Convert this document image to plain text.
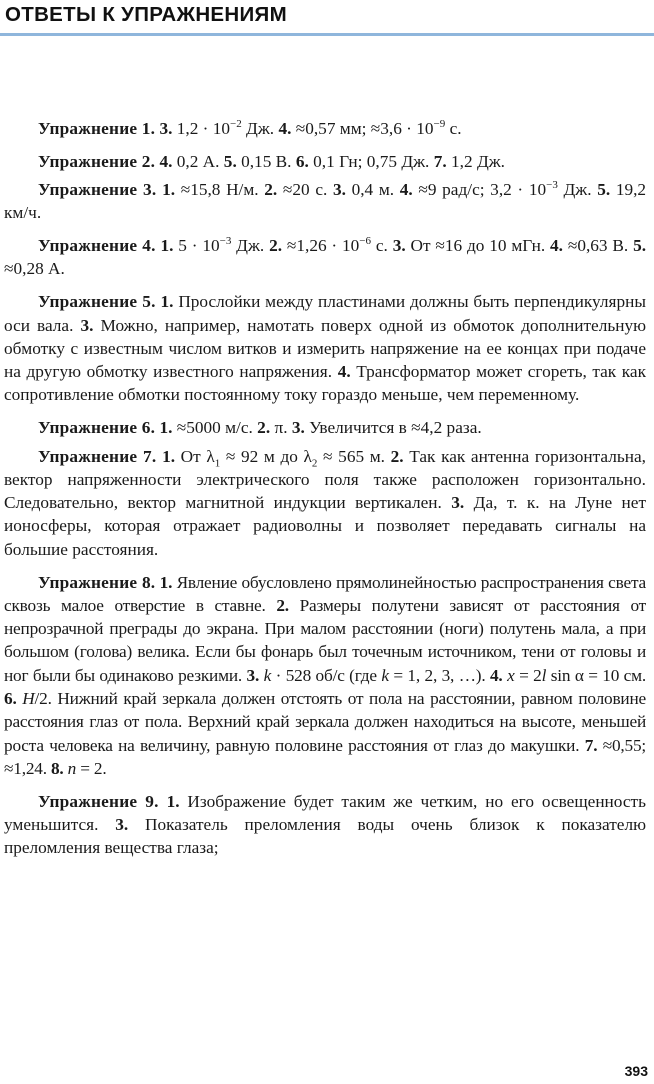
ОТВЕТЫ К УПРАЖНЕНИЯМ

Упражнение 1. 3. $1,2 \cdot 10^{-2}$ Дж. 4. ≈0,57 мм; $\approx 3,6 \cdot 10^{-9}$ с.

Упражнение 2. 4. 0,2 А. 5. 0,15 В. 6. 0,1 Гн; 0,75 Дж. 7. 1,2 Дж.

Упражнение 3. 1. ≈15,8 Н/м. 2. ≈20 с. 3. 0,4 м. 4. ≈9 рад/с; $3,2 \cdot 10^{-3}$ Дж. 5. 19,2 км/ч.

Упражнение 4. 1. $5 \cdot 10^{-3}$ Дж. 2. $\approx 1,26 \cdot 10^{-6}$ с. 3. От ≈16 до 10 мГн. 4. ≈0,63 В. 5. ≈0,28 А.

Упражнение 5. 1. Прослойки между пластинами должны быть перпендикулярны оси вала. 3. Можно, например, намотать поверх одной из обмоток дополнительную обмотку с известным числом витков и измерить напряжение на ее концах при подаче на другую обмотку известного напряжения. 4. Трансформатор может сгореть, так как сопротивление обмотки постоянному току гораздо меньше, чем переменному.

Упражнение 6. 1. ≈5000 м/с. 2. π. 3. Увеличится в ≈4,2 раза.

Упражнение 7. 1. От $\lambda_1 \approx 92$ м до $\lambda_2 \approx 565$ м. 2. Так как антенна горизонтальна, вектор напряженности электрического поля также расположен горизонтально. Следовательно, вектор магнитной индукции вертикален. 3. Да, т. к. на Луне нет ионосферы, которая отражает радиоволны и позволяет передавать сигналы на большие расстояния.

Упражнение 8. 1. Явление обусловлено прямолинейностью распространения света сквозь малое отверстие в ставне. 2. Размеры полутени зависят от расстояния от непрозрачной преграды до экрана. При малом расстоянии (ноги) полутень мала, а при большом (голова) велика. Если бы фонарь был точечным источником, тени от головы и ног были бы одинаково резкими. 3. k · 528 об/с (где k = 1, 2, 3, …). 4. x = 2l sin α = 10 см. 6. H/2. Нижний край зеркала должен отстоять от пола на расстоянии, равном половине расстояния глаз от пола. Верхний край зеркала должен находиться на высоте, меньшей роста человека на величину, равную половине расстояния от глаз до макушки. 7. ≈0,55; ≈1,24. 8. n = 2.

Упражнение 9. 1. Изображение будет таким же четким, но его освещенность уменьшится. 3. Показатель преломления воды очень близок к показателю преломления вещества глаза;

393
